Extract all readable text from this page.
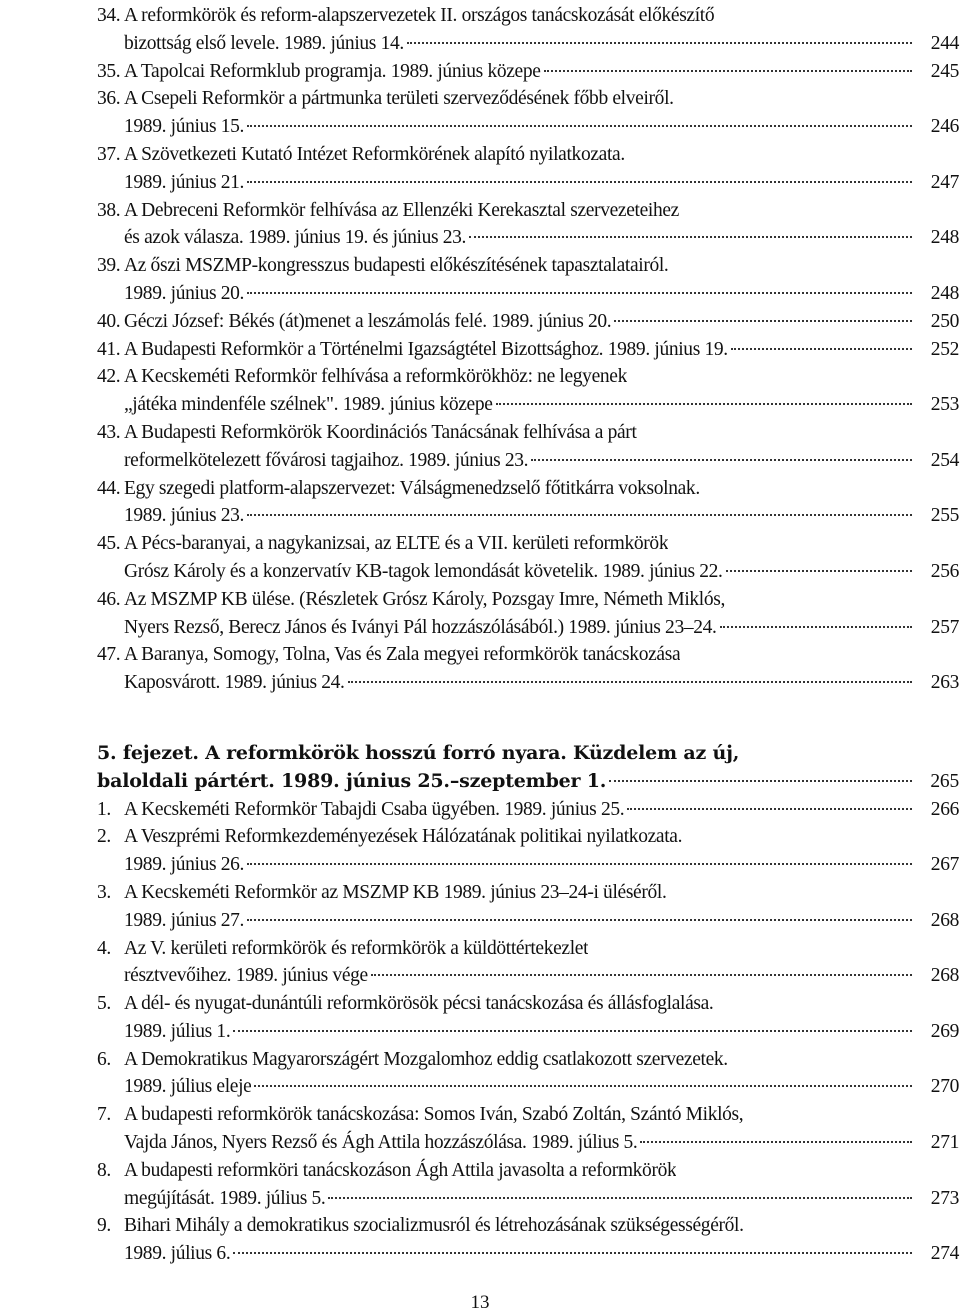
34. A reformkörök és reform-alapszervezetek II. országos tanácskozását előkészítő
bizottság első levele. 1989. június 14.	244
35. A Tapolcai Reformklub programja. 1989. június közepe	245
36. A Csepeli Reformkör a pártmunka területi szerveződésének főbb elveiről.
1989. június 15.	246
37. A Szövetkezeti Kutató Intézet Reformkörének alapító nyilatkozata.
1989. június 21.	247
38. A Debreceni Reformkör felhívása az Ellenzéki Kerekasztal szervezeteihez
és azok válasza. 1989. június 19. és június 23.	248
39. Az őszi MSZMP-kongresszus budapesti előkészítésének tapasztalatairól.
1989. június 20.	248
40. Géczi József: Békés (át)menet a leszámolás felé. 1989. június 20.	250
41. A Budapesti Reformkör a Történelmi Igazságtétel Bizottsághoz. 1989. június 19.	252
42. A Kecskeméti Reformkör felhívása a reformkörökhöz: ne legyenek
„játéka mindenféle szélnek". 1989. június közepe	253
43. A Budapesti Reformkörök Koordinációs Tanácsának felhívása a párt
reformelkötelezett fővárosi tagjaihoz. 1989. június 23.	254
44. Egy szegedi platform-alapszervezet: Válságmenedzselő főtitkárra voksolnak.
1989. június 23.	255
45. A Pécs-baranyai, a nagykanizsai, az ELTE és a VII. kerületi reformkörök
Grósz Károly és a konzervatív KB-tagok lemondását követelik. 1989. június 22.	256
46. Az MSZMP KB ülése. (Részletek Grósz Károly, Pozsgay Imre, Németh Miklós,
Nyers Rezső, Berecz János és Iványi Pál hozzászólásából.) 1989. június 23–24.	257
47. A Baranya, Somogy, Tolna, Vas és Zala megyei reformkörök tanácskozása
Kaposvárott. 1989. június 24.	263
5. fejezet. A reformkörök hosszú forró nyara. Küzdelem az új,
baloldali pártért. 1989. június 25.–szeptember 1.	265
1. A Kecskeméti Reformkör Tabajdi Csaba ügyében. 1989. június 25.	266
2. A Veszprémi Reformkezdeményezések Hálózatának politikai nyilatkozata.
1989. június 26.	267
3. A Kecskeméti Reformkör az MSZMP KB 1989. június 23–24-i üléséről.
1989. június 27.	268
4. Az V. kerületi reformkörök és reformkörök a küldöttértekezlet
résztvevőihez. 1989. június vége	268
5. A dél- és nyugat-dunántúli reformkörösök pécsi tanácskozása és állásfoglalása.
1989. július 1.	269
6. A Demokratikus Magyarországért Mozgalomhoz eddig csatlakozott szervezetek.
1989. július eleje	270
7. A budapesti reformkörök tanácskozása: Somos Iván, Szabó Zoltán, Szántó Miklós,
Vajda János, Nyers Rezső és Ágh Attila hozzászólása. 1989. július 5.	271
8. A budapesti reformköri tanácskozáson Ágh Attila javasolta a reformkörök
megújítását. 1989. július 5.	273
9. Bihari Mihály a demokratikus szocializmusról és létrehozásának szükségességéről.
1989. július 6.	274
13
